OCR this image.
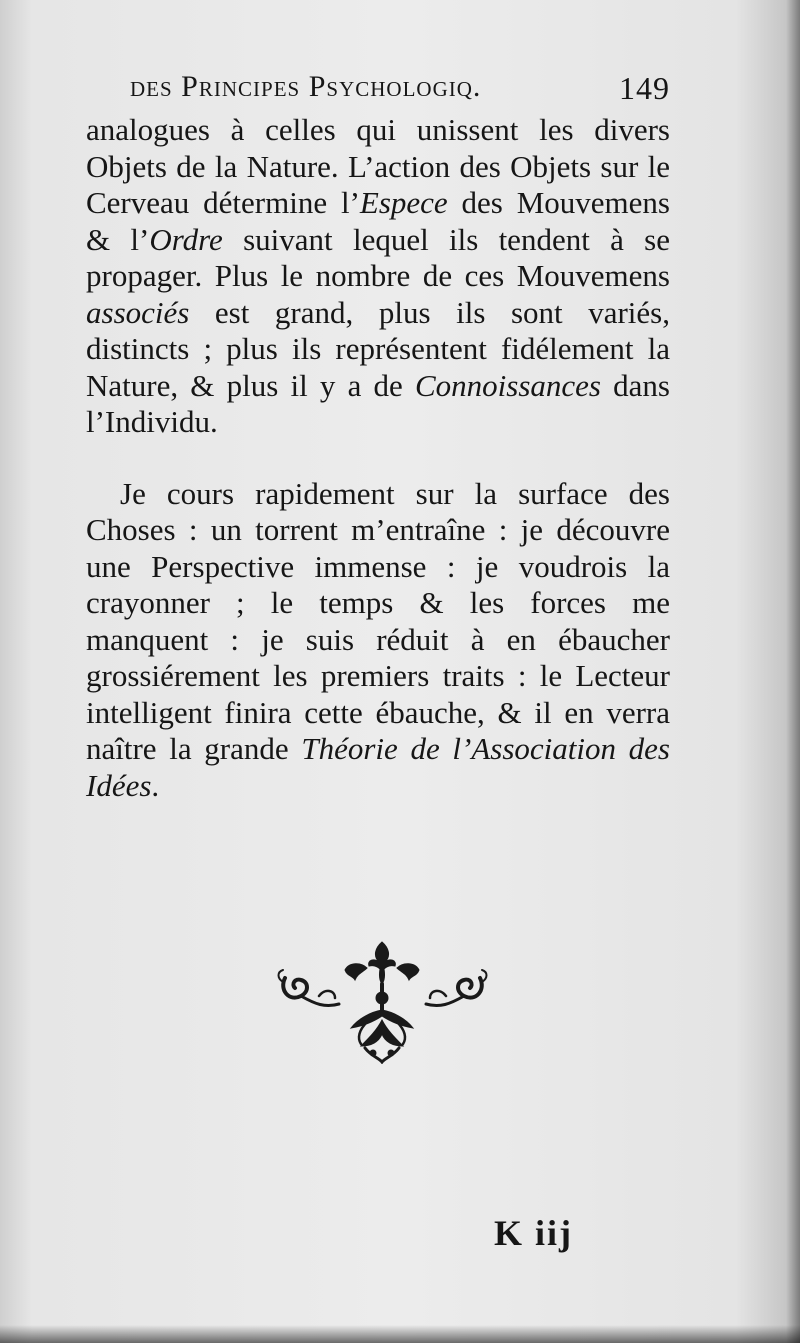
des Principes Psychologiq.	149

analogues à celles qui unissent les divers Objets de la Nature. L’action des Objets sur le Cerveau détermine l’Espece des Mouvemens & l’Ordre suivant lequel ils tendent à se propager. Plus le nombre de ces Mouvemens associés est grand, plus ils sont variés, distincts ; plus ils représentent fidélement la Nature, & plus il y a de Connoissances dans l’Individu.

Je cours rapidement sur la surface des Choses : un torrent m’entraîne : je découvre une Perspective immense : je voudrois la crayonner ; le temps & les forces me manquent : je suis réduit à en ébaucher grossiérement les premiers traits : le Lecteur intelligent finira cette ébauche, & il en verra naître la grande Théorie de l’Association des Idées.

K iij
